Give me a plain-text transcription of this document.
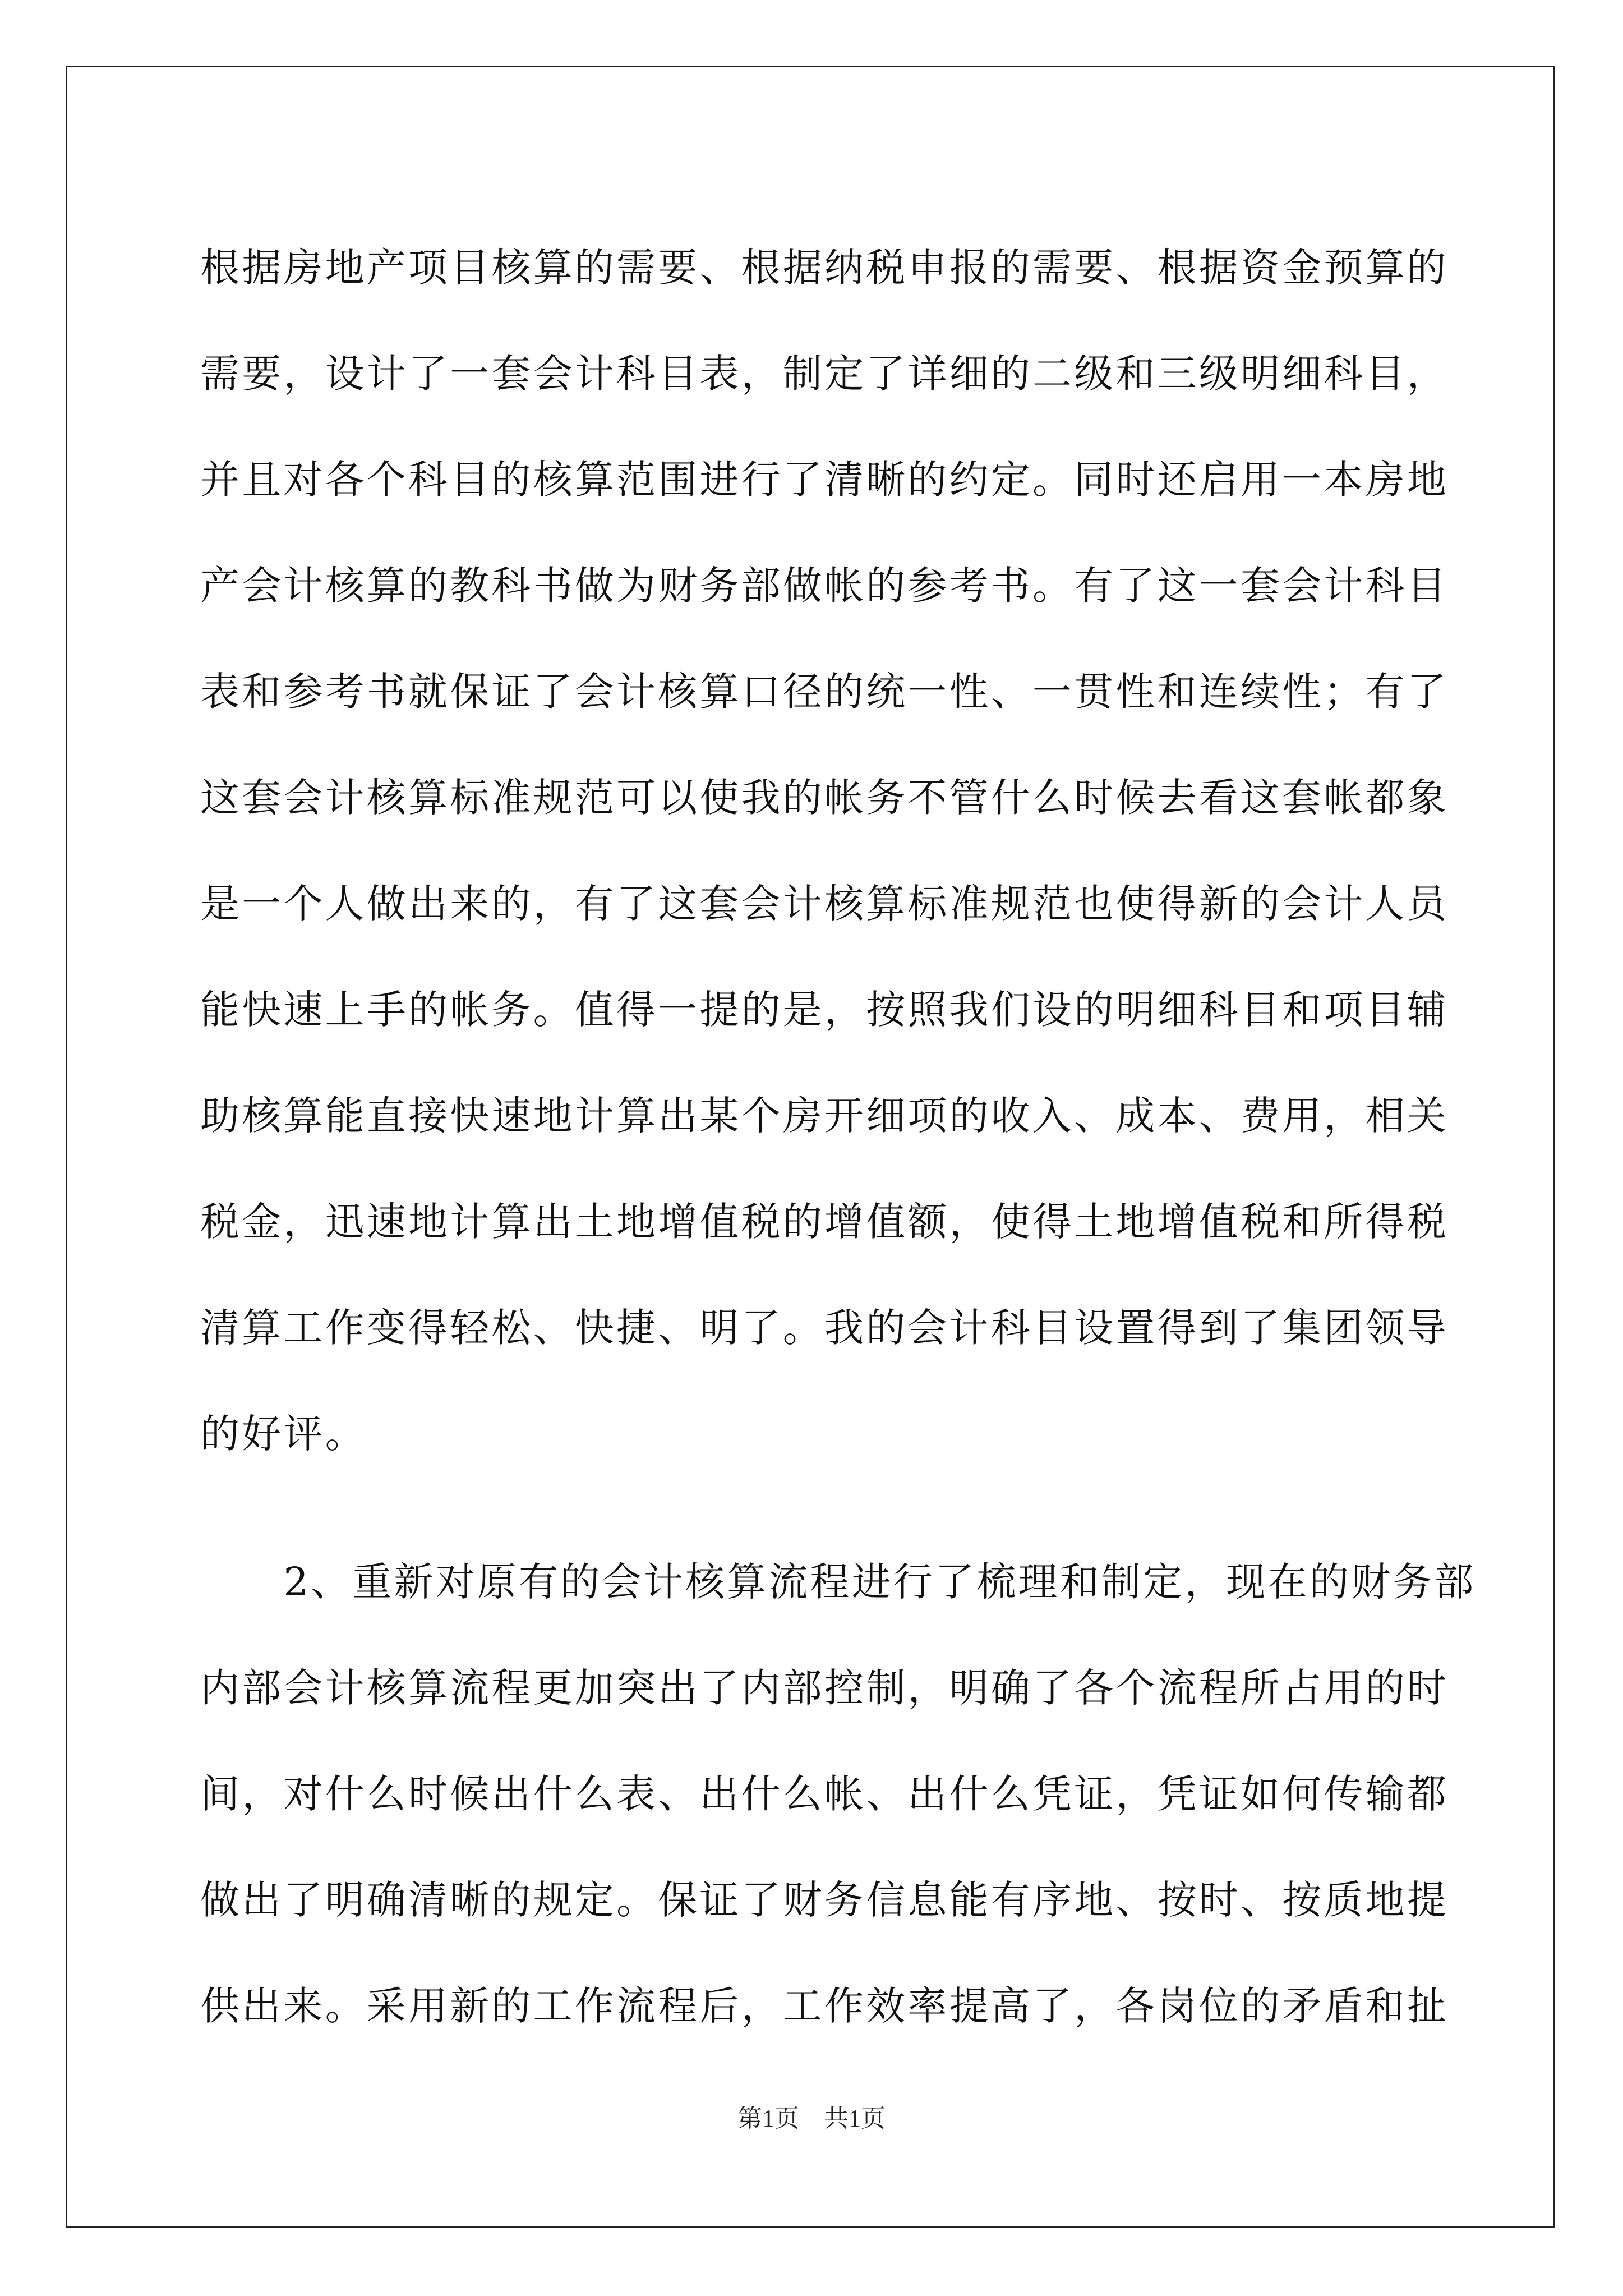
根据房地产项目核算的需要、根据纳税申报的需要、根据资金预算的
需要，设计了一套会计科目表，制定了详细的二级和三级明细科目，
并且对各个科目的核算范围进行了清晰的约定。同时还启用一本房地
产会计核算的教科书做为财务部做帐的参考书。有了这一套会计科目
表和参考书就保证了会计核算口径的统一性、一贯性和连续性；有了
这套会计核算标准规范可以使我的帐务不管什么时候去看这套帐都象
是一个人做出来的，有了这套会计核算标准规范也使得新的会计人员
能快速上手的帐务。值得一提的是，按照我们设的明细科目和项目辅
助核算能直接快速地计算出某个房开细项的收入、成本、费用，相关
税金，迅速地计算出土地增值税的增值额，使得土地增值税和所得税
清算工作变得轻松、快捷、明了。我的会计科目设置得到了集团领导
的好评。
　　2、重新对原有的会计核算流程进行了梳理和制定，现在的财务部
内部会计核算流程更加突出了内部控制，明确了各个流程所占用的时
间，对什么时候出什么表、出什么帐、出什么凭证，凭证如何传输都
做出了明确清晰的规定。保证了财务信息能有序地、按时、按质地提
供出来。采用新的工作流程后，工作效率提高了，各岗位的矛盾和扯
第1页　共1页
